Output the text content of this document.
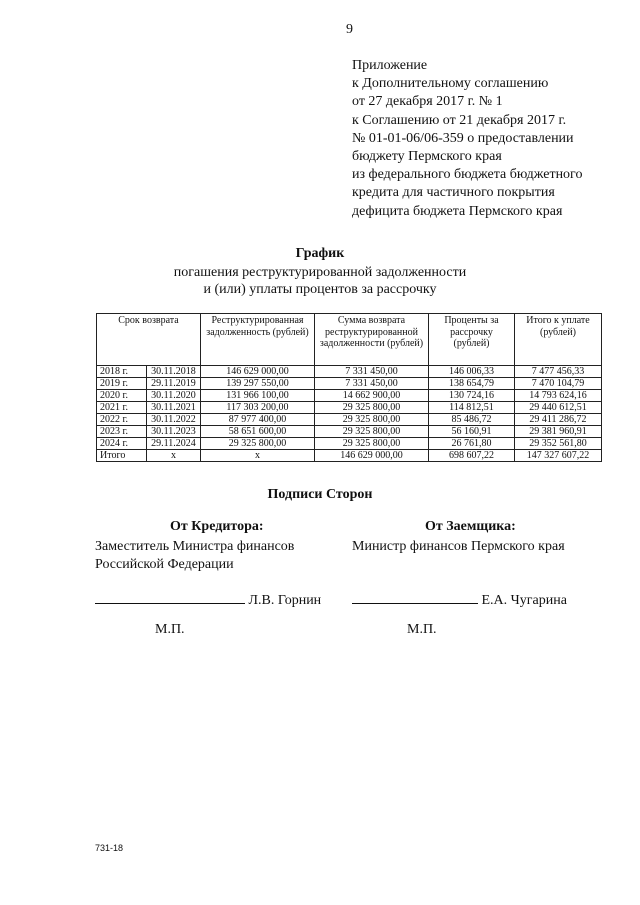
9
Приложение
к Дополнительному соглашению
от 27 декабря 2017 г. № 1
к Соглашению от 21 декабря 2017 г.
№ 01-01-06/06-359 о предоставлении
бюджету Пермского края
из федерального бюджета бюджетного
кредита для частичного покрытия
дефицита бюджета Пермского края
График
погашения реструктурированной задолженности
и (или) уплаты процентов за рассрочку
Срок возврата		Реструктурированная задолженность (рублей)	Сумма возврата реструктурированной задолженности (рублей)	Проценты за рассрочку (рублей)	Итого к уплате (рублей)
2018 г.	30.11.2018	146 629 000,00	7 331 450,00	146 006,33	7 477 456,33
2019 г.	29.11.2019	139 297 550,00	7 331 450,00	138 654,79	7 470 104,79
2020 г.	30.11.2020	131 966 100,00	14 662 900,00	130 724,16	14 793 624,16
2021 г.	30.11.2021	117 303 200,00	29 325 800,00	114 812,51	29 440 612,51
2022 г.	30.11.2022	87 977 400,00	29 325 800,00	85 486,72	29 411 286,72
2023 г.	30.11.2023	58 651 600,00	29 325 800,00	56 160,91	29 381 960,91
2024 г.	29.11.2024	29 325 800,00	29 325 800,00	26 761,80	29 352 561,80
Итого	x	x	146 629 000,00	698 607,22	147 327 607,22
Подписи Сторон
От Кредитора:
Заместитель Министра финансов
Российской Федерации
От Заемщика:
Министр финансов Пермского края
Л.В. Горнин	Е.А. Чугарина
М.П.	М.П.
731-18
